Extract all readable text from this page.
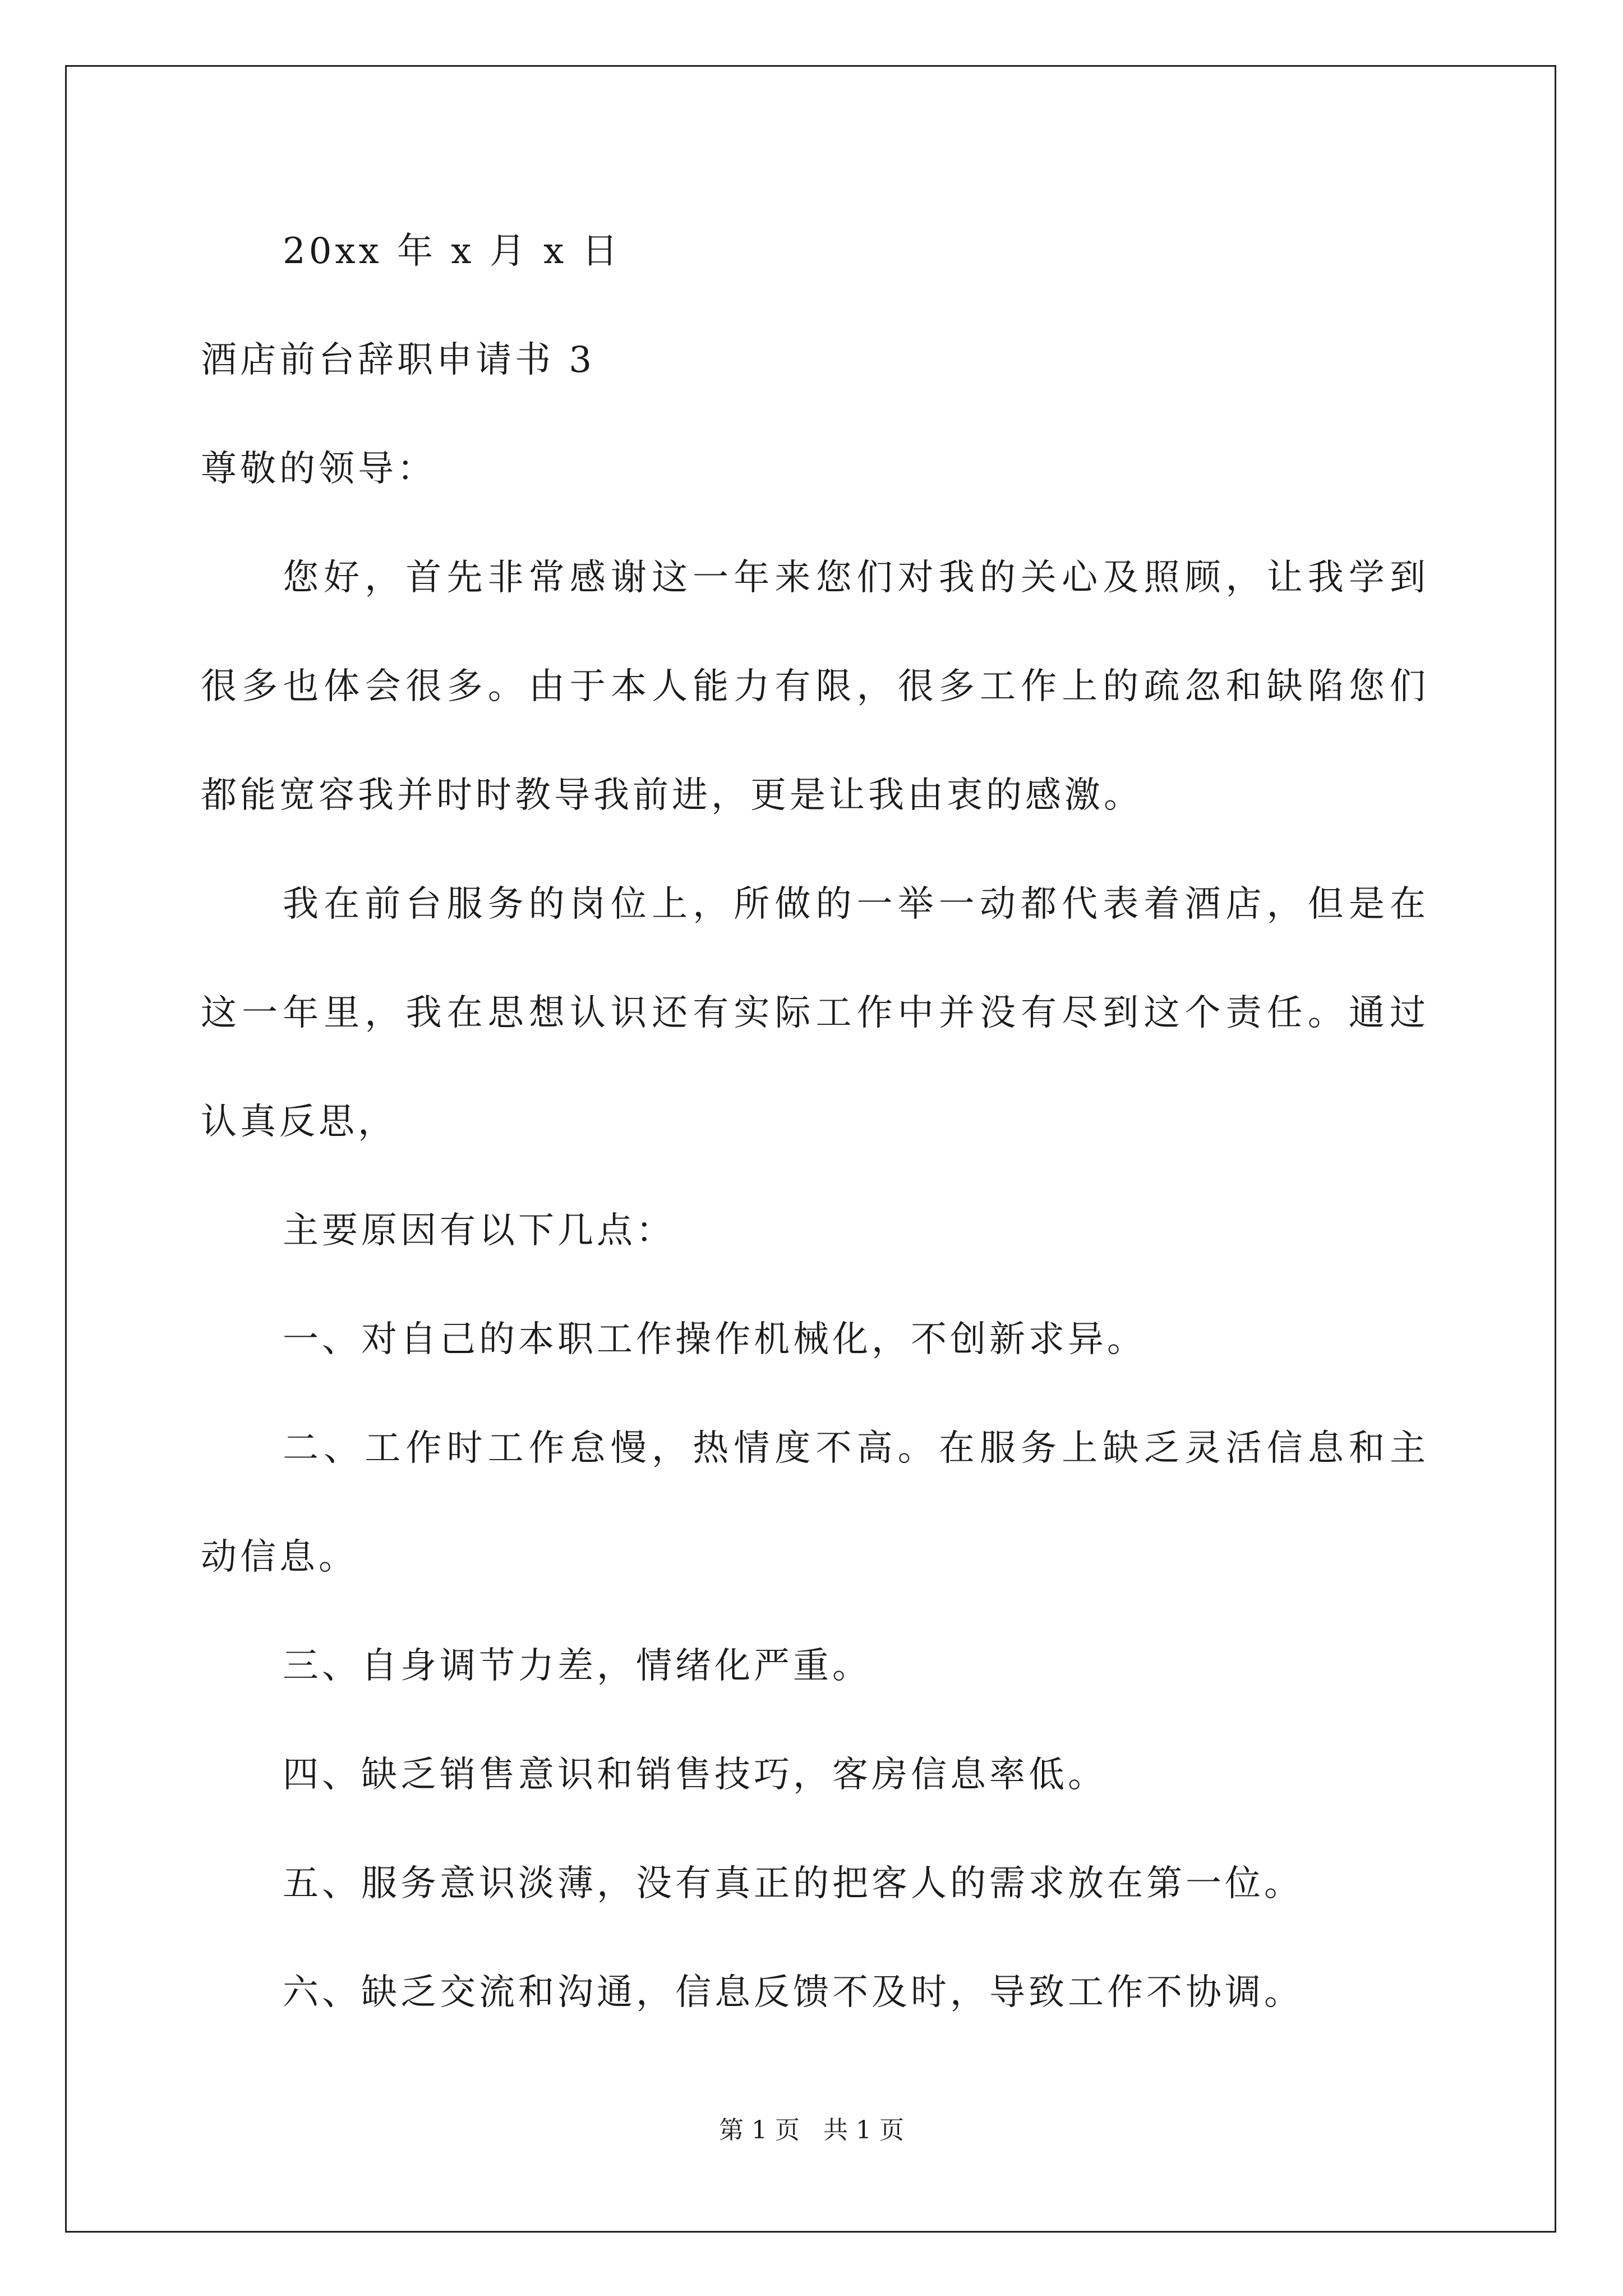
20xx 年 x 月 x 日
酒店前台辞职申请书 3
尊敬的领导：
您好，首先非常感谢这一年来您们对我的关心及照顾，让我学到
很多也体会很多。由于本人能力有限，很多工作上的疏忽和缺陷您们
都能宽容我并时时教导我前进，更是让我由衷的感激。
我在前台服务的岗位上，所做的一举一动都代表着酒店，但是在
这一年里，我在思想认识还有实际工作中并没有尽到这个责任。通过
认真反思，
主要原因有以下几点：
一、对自己的本职工作操作机械化，不创新求异。
二、工作时工作怠慢，热情度不高。在服务上缺乏灵活信息和主
动信息。
三、自身调节力差，情绪化严重。
四、缺乏销售意识和销售技巧，客房信息率低。
五、服务意识淡薄，没有真正的把客人的需求放在第一位。
六、缺乏交流和沟通，信息反馈不及时，导致工作不协调。
第 1 页   共 1 页
